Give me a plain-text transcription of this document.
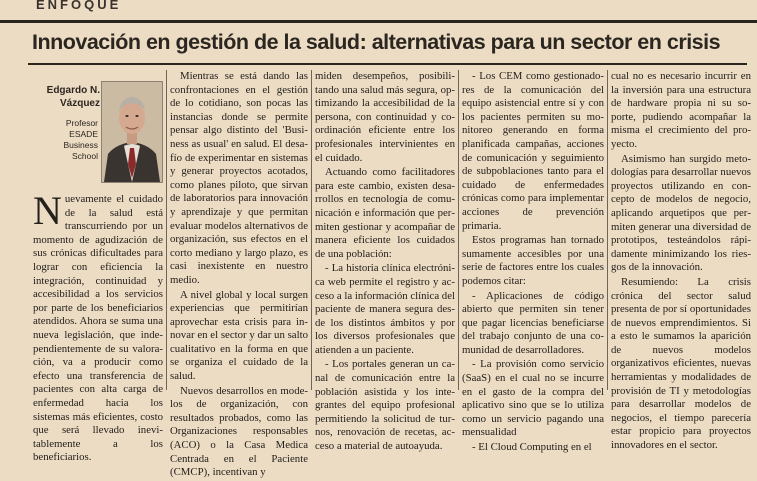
ENFOQUE
Innovación en gestión de la salud: alternativas para un sector en crisis
Edgardo N.
Vázquez
Profesor
ESADE
Business
School

Nuevamente el cuidado de la salud está transcurriendo por un momento de agudización de sus crónicas dificultades para lograr con eficiencia la integración, continuidad y accesibilidad a los servicios por parte de los beneficiarios atendidos. Ahora se suma una nueva legislación, que independientemente de su valoración, va a producir como efecto una transferencia de pacientes con alta carga de enfermedad hacia los sistemas más eficientes, costo que será llevado inevitablemente a los beneficiarios.

Mientras se está dando las confrontaciones en el gestión de lo cotidiano, son pocas las instancias donde se permite pensar algo distinto del 'Business as usual' en salud. El desafío de experimentar en sistemas y generar proyectos acotados, como planes piloto, que sirvan de laboratorios para innovación y aprendizaje y que permitan evaluar modelos alternativos de organización, sus efectos en el corto mediano y largo plazo, es casi inexistente en nuestro medio.

A nivel global y local surgen experiencias que permitirían aprovechar esta crisis para innovar en el sector y dar un salto cualitativo en la forma en que se organiza el cuidado de la salud.

Nuevos desarrollos en modelos de organización, con resultados probados, como las Organizaciones responsables (ACO) o la Casa Medica Centrada en el Paciente (CMCP), incentivan y

miden desempeños, posibilitando una salud más segura, optimizando la accesibilidad de la persona, con continuidad y coordinación eficiente entre los profesionales intervinientes en el cuidado.

Actuando como facilitadores para este cambio, existen desarrollos en tecnología de comunicación e información que permiten gestionar y acompañar de manera eficiente los cuidados de una población:

- La historia clínica electrónica web permite el registro y acceso a la información clínica del paciente de manera segura desde los distintos ámbitos y por los diversos profesionales que atienden a un paciente.

- Los portales generan un canal de comunicación entre la población asistida y los integrantes del equipo profesional permitiendo la solicitud de turnos, renovación de recetas, acceso a material de autoayuda.

- Los CEM como gestionadores de la comunicación del equipo asistencial entre sí y con los pacientes permiten su monitoreo generando en forma planificada campañas, acciones de comunicación y seguimiento de subpoblaciones tanto para el cuidado de enfermedades crónicas como para implementar acciones de prevención primaria.

Estos programas han tornado sumamente accesibles por una serie de factores entre los cuales podemos citar:

- Aplicaciones de código abierto que permiten sin tener que pagar licencias beneficiarse del trabajo conjunto de una comunidad de desarrolladores.

- La provisión como servicio (SaaS) en el cual no se incurre en el gasto de la compra del aplicativo sino que se lo utiliza como un servicio pagando una mensualidad

- El Cloud Computing en el

cual no es necesario incurrir en la inversión para una estructura de hardware propia ni su soporte, pudiendo acompañar la misma el crecimiento del proyecto.

Asimismo han surgido metodologías para desarrollar nuevos proyectos utilizando en concepto de modelos de negocio, aplicando arquetipos que permiten generar una diversidad de prototipos, testeándolos rápidamente minimizando los riesgos de la innovación.

Resumiendo: La crisis crónica del sector salud presenta de por sí oportunidades de nuevos emprendimientos. Si a esto le sumamos la aparición de nuevos modelos organizativos eficientes, nuevas herramientas y modalidades de provisión de TI y metodologías para desarrollar modelos de negocios, el tiempo parecería estar propicio para proyectos innovadores en el sector.
